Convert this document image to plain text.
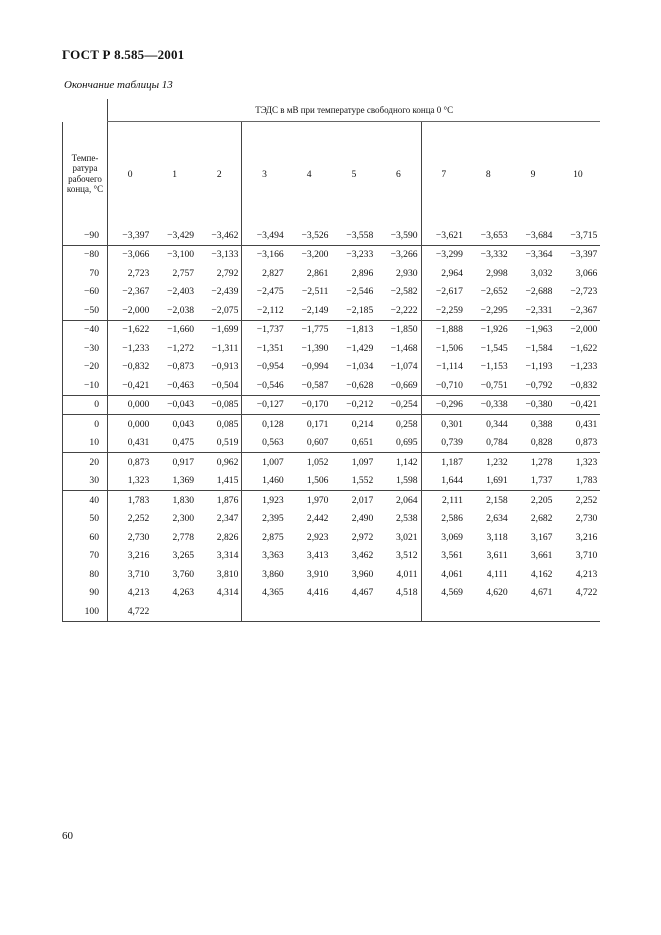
ГОСТ Р 8.585—2001
Окончание таблицы 13
	ТЭДС в мВ при температуре свободного конца 0 °С										
Темпе-ратура рабочего конца, °С	0	1	2	3	4	5	6	7	8	9	10
−90	−3,397	−3,429	−3,462	−3,494	−3,526	−3,558	−3,590	−3,621	−3,653	−3,684	−3,715
−80	−3,066	−3,100	−3,133	−3,166	−3,200	−3,233	−3,266	−3,299	−3,332	−3,364	−3,397
70	2,723	2,757	2,792	2,827	2,861	2,896	2,930	2,964	2,998	3,032	3,066
−60	−2,367	−2,403	−2,439	−2,475	−2,511	−2,546	−2,582	−2,617	−2,652	−2,688	−2,723
−50	−2,000	−2,038	−2,075	−2,112	−2,149	−2,185	−2,222	−2,259	−2,295	−2,331	−2,367
−40	−1,622	−1,660	−1,699	−1,737	−1,775	−1,813	−1,850	−1,888	−1,926	−1,963	−2,000
−30	−1,233	−1,272	−1,311	−1,351	−1,390	−1,429	−1,468	−1,506	−1,545	−1,584	−1,622
−20	−0,832	−0,873	−0,913	−0,954	−0,994	−1,034	−1,074	−1,114	−1,153	−1,193	−1,233
−10	−0,421	−0,463	−0,504	−0,546	−0,587	−0,628	−0,669	−0,710	−0,751	−0,792	−0,832
0	0,000	−0,043	−0,085	−0,127	−0,170	−0,212	−0,254	−0,296	−0,338	−0,380	−0,421
0	0,000	0,043	0,085	0,128	0,171	0,214	0,258	0,301	0,344	0,388	0,431
10	0,431	0,475	0,519	0,563	0,607	0,651	0,695	0,739	0,784	0,828	0,873
20	0,873	0,917	0,962	1,007	1,052	1,097	1,142	1,187	1,232	1,278	1,323
30	1,323	1,369	1,415	1,460	1,506	1,552	1,598	1,644	1,691	1,737	1,783
40	1,783	1,830	1,876	1,923	1,970	2,017	2,064	2,111	2,158	2,205	2,252
50	2,252	2,300	2,347	2,395	2,442	2,490	2,538	2,586	2,634	2,682	2,730
60	2,730	2,778	2,826	2,875	2,923	2,972	3,021	3,069	3,118	3,167	3,216
70	3,216	3,265	3,314	3,363	3,413	3,462	3,512	3,561	3,611	3,661	3,710
80	3,710	3,760	3,810	3,860	3,910	3,960	4,011	4,061	4,111	4,162	4,213
90	4,213	4,263	4,314	4,365	4,416	4,467	4,518	4,569	4,620	4,671	4,722
100	4,722										
60
